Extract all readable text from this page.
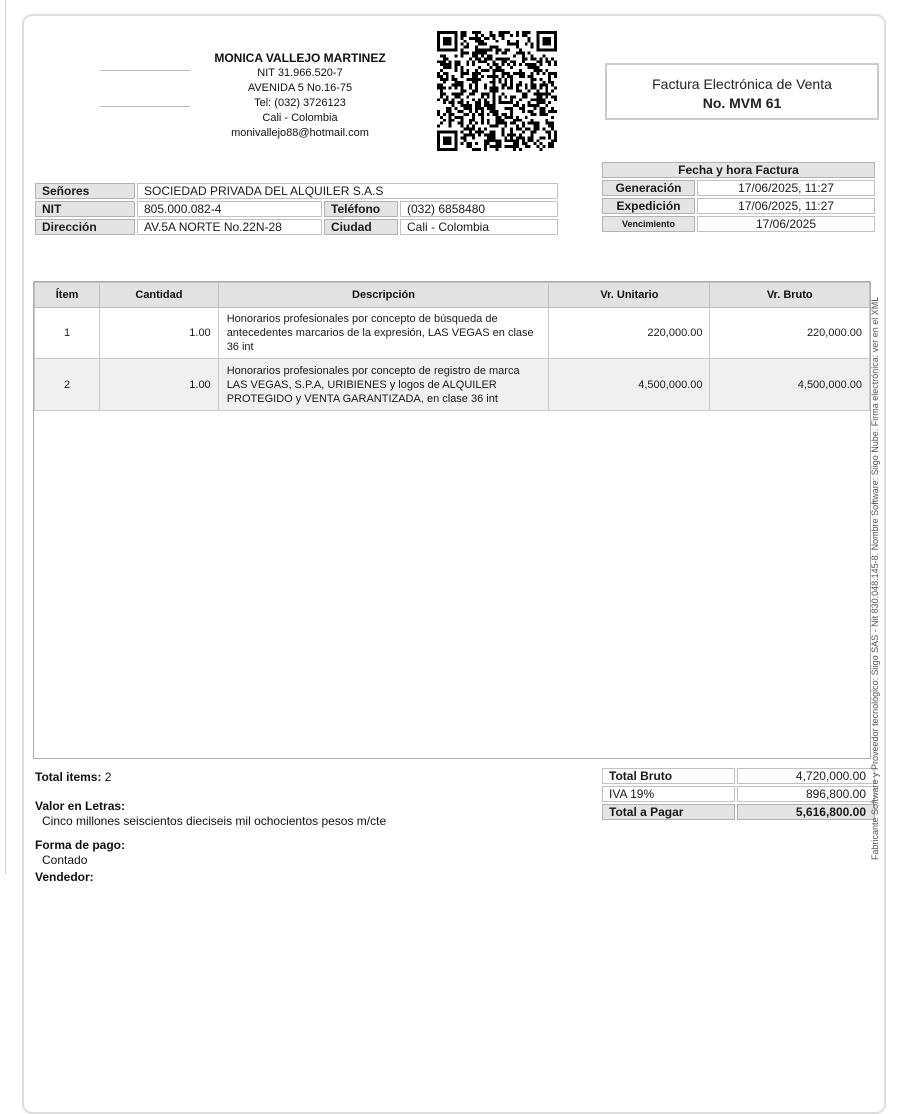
MONICA VALLEJO MARTINEZ
NIT 31.966.520-7
AVENIDA 5 No.16-75
Tel: (032) 3726123
Cali - Colombia
monivallejo88@hotmail.com
Factura Electrónica de Venta
No. MVM 61
Señores	SOCIEDAD PRIVADA DEL ALQUILER S.A.S		
NIT	805.000.082-4	Teléfono	(032) 6858480
Dirección	AV.5A NORTE No.22N-28	Ciudad	Cali - Colombia
Fecha y hora Factura	
Generación	17/06/2025, 11:27
Expedición	17/06/2025, 11:27
Vencimiento	17/06/2025
Ítem	Cantidad	Descripción	Vr. Unitario	Vr. Bruto
1	1.00	Honorarios profesionales por concepto de búsqueda de antecedentes marcarios de la expresión, LAS VEGAS en clase 36 int	220,000.00	220,000.00
2	1.00	Honorarios profesionales por concepto de registro de marca LAS VEGAS, S.P.A, URIBIENES y logos de ALQUILER PROTEGIDO y VENTA GARANTIZADA, en clase 36 int	4,500,000.00	4,500,000.00
Total items: 2
Valor en Letras:
Cinco millones seiscientos dieciseis mil ochocientos pesos m/cte
Forma de pago:
Contado
Vendedor:
Total Bruto	4,720,000.00
IVA 19%	896,800.00
Total a Pagar	5,616,800.00 Fabricante Software y Proveedor tecnológico: Siigo SAS - Nit 830.048.145-8. Nombre Software: Siigo Nube. Firma electrónica: ver en el XML
